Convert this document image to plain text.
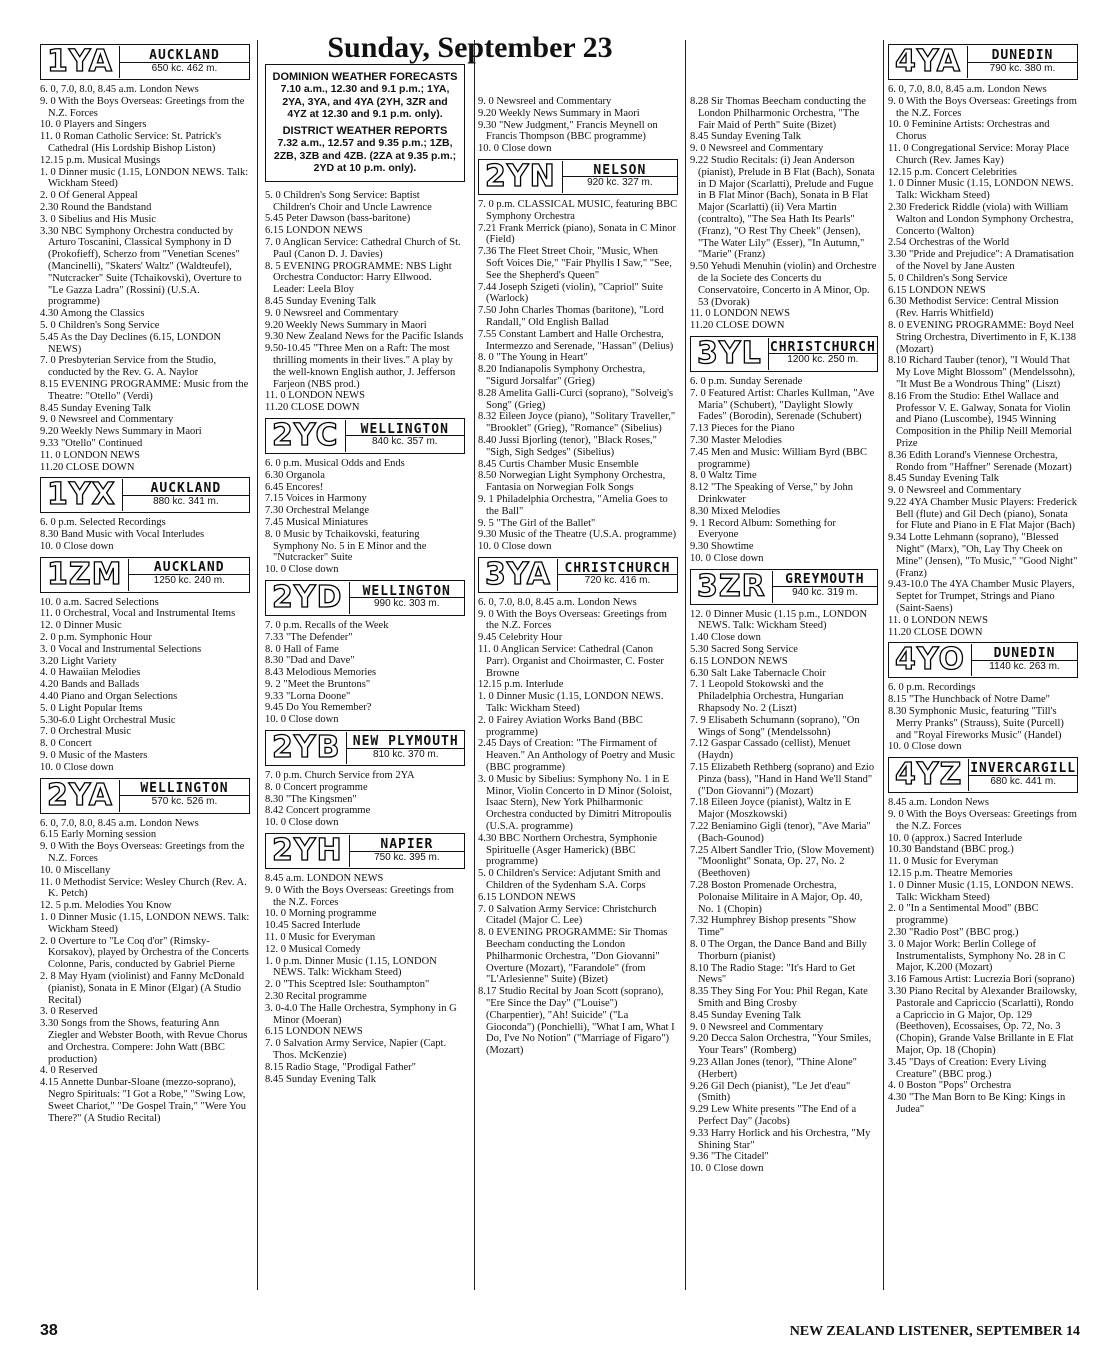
1YA	AUCKLAND
650 kc. 462 m.

6. 0, 7.0, 8.0, 8.45 a.m. London News

9. 0 With the Boys Overseas: Greetings from the N.Z. Forces

10. 0 Players and Singers

11. 0 Roman Catholic Service: St. Patrick's Cathedral (His Lordship Bishop Liston)

12.15 p.m. Musical Musings

1. 0 Dinner music (1.15, LONDON NEWS. Talk: Wickham Steed)

2. 0 Of General Appeal

2.30 Round the Bandstand

3. 0 Sibelius and His Music

3.30 NBC Symphony Orchestra conducted by Arturo Toscanini, Classical Symphony in D (Prokofieff), Scherzo from "Venetian Scenes" (Mancinelli), "Skaters' Waltz" (Waldteufel), "Nutcracker" Suite (Tchaikovski), Overture to "Le Gazza Ladra" (Rossini) (U.S.A. programme)

4.30 Among the Classics

5. 0 Children's Song Service

5.45 As the Day Declines (6.15, LONDON NEWS)

7. 0 Presbyterian Service from the Studio, conducted by the Rev. G. A. Naylor

8.15 EVENING PROGRAMME: Music from the Theatre: "Otello" (Verdi)

8.45 Sunday Evening Talk

9. 0 Newsreel and Commentary

9.20 Weekly News Summary in Maori

9.33 "Otello" Continued

11. 0 LONDON NEWS

11.20 CLOSE DOWN

1YX	AUCKLAND
880 kc. 341 m.

6. 0 p.m. Selected Recordings

8.30 Band Music with Vocal Interludes

10. 0 Close down

1ZM	AUCKLAND
1250 kc. 240 m.

10. 0 a.m. Sacred Selections

11. 0 Orchestral, Vocal and Instrumental Items

12. 0 Dinner Music

2. 0 p.m. Symphonic Hour

3. 0 Vocal and Instrumental Selections

3.20 Light Variety

4. 0 Hawaiian Melodies

4.20 Bands and Ballads

4.40 Piano and Organ Selections

5. 0 Light Popular Items

5.30-6.0 Light Orchestral Music

7. 0 Orchestral Music

8. 0 Concert

9. 0 Music of the Masters

10. 0 Close down

2YA	WELLINGTON
570 kc. 526 m.

6. 0, 7.0, 8.0, 8.45 a.m. London News

6.15 Early Morning session

9. 0 With the Boys Overseas: Greetings from the N.Z. Forces

10. 0 Miscellany

11. 0 Methodist Service: Wesley Church (Rev. A. K. Petch)

12. 5 p.m. Melodies You Know

1. 0 Dinner Music (1.15, LONDON NEWS. Talk: Wickham Steed)

2. 0 Overture to "Le Coq d'or" (Rimsky-Korsakov), played by Orchestra of the Concerts Colonne, Paris, conducted by Gabriel Pierne

2. 8 May Hyam (violinist) and Fanny McDonald (pianist), Sonata in E Minor (Elgar) (A Studio Recital)

3. 0 Reserved

3.30 Songs from the Shows, featuring Ann Ziegler and Webster Booth, with Revue Chorus and Orchestra. Compere: John Watt (BBC production)

4. 0 Reserved

4.15 Annette Dunbar-Sloane (mezzo-soprano), Negro Spirituals: "I Got a Robe," "Swing Low, Sweet Chariot," "De Gospel Train," "Were You There?" (A Studio Recital)

Sunday, September 23
DOMINION WEATHER FORECASTS
7.10 a.m., 12.30 and 9.1 p.m.; 1YA, 2YA, 3YA, and 4YA (2YH, 3ZR and 4YZ at 12.30 and 9.1 p.m. only).
DISTRICT WEATHER REPORTS
7.32 a.m., 12.57 and 9.35 p.m.; 1ZB, 2ZB, 3ZB and 4ZB. (2ZA at 9.35 p.m.; 2YD at 10 p.m. only).

5. 0 Children's Song Service: Baptist Children's Choir and Uncle Lawrence

5.45 Peter Dawson (bass-baritone)

6.15 LONDON NEWS

7. 0 Anglican Service: Cathedral Church of St. Paul (Canon D. J. Davies)

8. 5 EVENING PROGRAMME: NBS Light Orchestra Conductor: Harry Ellwood. Leader: Leela Bloy

8.45 Sunday Evening Talk

9. 0 Newsreel and Commentary

9.20 Weekly News Summary in Maori

9.30 New Zealand News for the Pacific Islands

9.50-10.45 "Three Men on a Raft: The most thrilling moments in their lives." A play by the well-known English author, J. Jefferson Farjeon (NBS prod.)

11. 0 LONDON NEWS

11.20 CLOSE DOWN

2YC	WELLINGTON
840 kc. 357 m.

6. 0 p.m. Musical Odds and Ends

6.30 Organola

6.45 Encores!

7.15 Voices in Harmony

7.30 Orchestral Melange

7.45 Musical Miniatures

8. 0 Music by Tchaikovski, featuring Symphony No. 5 in E Minor and the "Nutcracker" Suite

10. 0 Close down

2YD	WELLINGTON
990 kc. 303 m.

7. 0 p.m. Recalls of the Week

7.33 "The Defender"

8. 0 Hall of Fame

8.30 "Dad and Dave"

8.43 Melodious Memories

9. 2 "Meet the Bruntons"

9.33 "Lorna Doone"

9.45 Do You Remember?

10. 0 Close down

2YB NEW PLYMOUTH
810 kc. 370 m.

7. 0 p.m. Church Service from 2YA

8. 0 Concert programme

8.30 "The Kingsmen"

8.42 Concert programme

10. 0 Close down

2YH	NAPIER
750 kc. 395 m.

8.45 a.m. LONDON NEWS

9. 0 With the Boys Overseas: Greetings from the N.Z. Forces

10. 0 Morning programme

10.45 Sacred Interlude

11. 0 Music for Everyman

12. 0 Musical Comedy

1. 0 p.m. Dinner Music (1.15, LONDON NEWS. Talk: Wickham Steed)

2. 0 "This Sceptred Isle: Southampton"

2.30 Recital programme

3. 0-4.0 The Halle Orchestra, Symphony in G Minor (Moeran)

6.15 LONDON NEWS

7. 0 Salvation Army Service, Napier (Capt. Thos. McKenzie)

8.15 Radio Stage, "Prodigal Father"

8.45 Sunday Evening Talk

9. 0 Newsreel and Commentary

9.20 Weekly News Summary in Maori

9.30 "New Judgment," Francis Meynell on Francis Thompson (BBC programme)

10. 0 Close down

2YN	NELSON
920 kc. 327 m.

7. 0 p.m. CLASSICAL MUSIC, featuring BBC Symphony Orchestra

7.21 Frank Merrick (piano), Sonata in C Minor (Field)

7.36 The Fleet Street Choir, "Music, When Soft Voices Die," "Fair Phyllis I Saw," "See, See the Shepherd's Queen"

7.44 Joseph Szigeti (violin), "Capriol" Suite (Warlock)

7.50 John Charles Thomas (baritone), "Lord Randall," Old English Ballad

7.55 Constant Lambert and Halle Orchestra, Intermezzo and Serenade, "Hassan" (Delius)

8. 0 "The Young in Heart"

8.20 Indianapolis Symphony Orchestra, "Sigurd Jorsalfar" (Grieg)

8.28 Amelita Galli-Curci (soprano), "Solveig's Song" (Grieg)

8.32 Eileen Joyce (piano), "Solitary Traveller," "Brooklet" (Grieg), "Romance" (Sibelius)

8.40 Jussi Bjorling (tenor), "Black Roses," "Sigh, Sigh Sedges" (Sibelius)

8.45 Curtis Chamber Music Ensemble

8.50 Norwegian Light Symphony Orchestra, Fantasia on Norwegian Folk Songs

9. 1 Philadelphia Orchestra, "Amelia Goes to the Ball"

9. 5 "The Girl of the Ballet"

9.30 Music of the Theatre (U.S.A. programme)

10. 0 Close down

3YA	CHRISTCHURCH
720 kc. 416 m.

6. 0, 7.0, 8.0, 8.45 a.m. London News

9. 0 With the Boys Overseas: Greetings from the N.Z. Forces

9.45 Celebrity Hour

11. 0 Anglican Service: Cathedral (Canon Parr). Organist and Choirmaster, C. Foster Browne

12.15 p.m. Interlude

1. 0 Dinner Music (1.15, LONDON NEWS. Talk: Wickham Steed)

2. 0 Fairey Aviation Works Band (BBC programme)

2.45 Days of Creation: "The Firmament of Heaven." An Anthology of Poetry and Music (BBC programme)

3. 0 Music by Sibelius: Symphony No. 1 in E Minor, Violin Concerto in D Minor (Soloist, Isaac Stern), New York Philharmonic Orchestra conducted by Dimitri Mitropoulis (U.S.A. programme)

4.30 BBC Northern Orchestra, Symphonie Spirituelle (Asger Hamerick) (BBC programme)

5. 0 Children's Service: Adjutant Smith and Children of the Sydenham S.A. Corps

6.15 LONDON NEWS

7. 0 Salvation Army Service: Christchurch Citadel (Major C. Lee)

8. 0 EVENING PROGRAMME: Sir Thomas Beecham conducting the London Philharmonic Orchestra, "Don Giovanni" Overture (Mozart), "Farandole" (from "L'Arlesienne" Suite) (Bizet)

8.17 Studio Recital by Joan Scott (soprano), "Ere Since the Day" ("Louise") (Charpentier), "Ah! Suicide" ("La Gioconda") (Ponchielli), "What I am, What I Do, I've No Notion" ("Marriage of Figaro") (Mozart)

8.28 Sir Thomas Beecham conducting the London Philharmonic Orchestra, "The Fair Maid of Perth" Suite (Bizet)

8.45 Sunday Evening Talk

9. 0 Newsreel and Commentary

9.22 Studio Recitals: (i) Jean Anderson (pianist), Prelude in B Flat (Bach), Sonata in D Major (Scarlatti), Prelude and Fugue in B Flat Minor (Bach), Sonata in B Flat Major (Scarlatti) (ii) Vera Martin (contralto), "The Sea Hath Its Pearls" (Franz), "O Rest Thy Cheek" (Jensen), "The Water Lily" (Esser), "In Autumn," "Marie" (Franz)

9.50 Yehudi Menuhin (violin) and Orchestre de la Societe des Concerts du Conservatoire, Concerto in A Minor, Op. 53 (Dvorak)

11. 0 LONDON NEWS

11.20 CLOSE DOWN

3YL CHRISTCHURCH
1200 kc. 250 m.

6. 0 p.m. Sunday Serenade

7. 0 Featured Artist: Charles Kullman, "Ave Maria" (Schubert), "Daylight Slowly Fades" (Borodin), Serenade (Schubert)

7.13 Pieces for the Piano

7.30 Master Melodies

7.45 Men and Music: William Byrd (BBC programme)

8. 0 Waltz Time

8.12 "The Speaking of Verse," by John Drinkwater

8.30 Mixed Melodies

9. 1 Record Album: Something for Everyone

9.30 Showtime

10. 0 Close down

3ZR	GREYMOUTH
940 kc. 319 m.

12. 0 Dinner Music (1.15 p.m., LONDON NEWS. Talk: Wickham Steed)

1.40 Close down

5.30 Sacred Song Service

6.15 LONDON NEWS

6.30 Salt Lake Tabernacle Choir

7. 1 Leopold Stokowski and the Philadelphia Orchestra, Hungarian Rhapsody No. 2 (Liszt)

7. 9 Elisabeth Schumann (soprano), "On Wings of Song" (Mendelssohn)

7.12 Gaspar Cassado (cellist), Menuet (Haydn)

7.15 Elizabeth Rethberg (soprano) and Ezio Pinza (bass), "Hand in Hand We'll Stand" ("Don Giovanni") (Mozart)

7.18 Eileen Joyce (pianist), Waltz in E Major (Moszkowski)

7.22 Beniamino Gigli (tenor), "Ave Maria" (Bach-Gounod)

7.25 Albert Sandler Trio, (Slow Movement) "Moonlight" Sonata, Op. 27, No. 2 (Beethoven)

7.28 Boston Promenade Orchestra, Polonaise Militaire in A Major, Op. 40, No. 1 (Chopin)

7.32 Humphrey Bishop presents "Show Time"

8. 0 The Organ, the Dance Band and Billy Thorburn (pianist)

8.10 The Radio Stage: "It's Hard to Get News"

8.35 They Sing For You: Phil Regan, Kate Smith and Bing Crosby

8.45 Sunday Evening Talk

9. 0 Newsreel and Commentary

9.20 Decca Salon Orchestra, "Your Smiles, Your Tears" (Romberg)

9.23 Allan Jones (tenor), "Thine Alone" (Herbert)

9.26 Gil Dech (pianist), "Le Jet d'eau" (Smith)

9.29 Lew White presents "The End of a Perfect Day" (Jacobs)

9.33 Harry Horlick and his Orchestra, "My Shining Star"

9.36 "The Citadel"

10. 0 Close down

4YA	DUNEDIN
790 kc. 380 m.

6. 0, 7.0, 8.0, 8.45 a.m. London News

9. 0 With the Boys Overseas: Greetings from the N.Z. Forces

10. 0 Feminine Artists: Orchestras and Chorus

11. 0 Congregational Service: Moray Place Church (Rev. James Kay)

12.15 p.m. Concert Celebrities

1. 0 Dinner Music (1.15, LONDON NEWS. Talk: Wickham Steed)

2.30 Frederick Riddle (viola) with William Walton and London Symphony Orchestra, Concerto (Walton)

2.54 Orchestras of the World

3.30 "Pride and Prejudice": A Dramatisation of the Novel by Jane Austen

5. 0 Children's Song Service

6.15 LONDON NEWS

6.30 Methodist Service: Central Mission (Rev. Harris Whitfield)

8. 0 EVENING PROGRAMME: Boyd Neel String Orchestra, Divertimento in F, K.138 (Mozart)

8.10 Richard Tauber (tenor), "I Would That My Love Might Blossom" (Mendelssohn), "It Must Be a Wondrous Thing" (Liszt)

8.16 From the Studio: Ethel Wallace and Professor V. E. Galway, Sonata for Violin and Piano (Luscombe), 1945 Winning Composition in the Philip Neill Memorial Prize

8.36 Edith Lorand's Viennese Orchestra, Rondo from "Haffner" Serenade (Mozart)

8.45 Sunday Evening Talk

9. 0 Newsreel and Commentary

9.22 4YA Chamber Music Players: Frederick Bell (flute) and Gil Dech (piano), Sonata for Flute and Piano in E Flat Major (Bach)

9.34 Lotte Lehmann (soprano), "Blessed Night" (Marx), "Oh, Lay Thy Cheek on Mine" (Jensen), "To Music," "Good Night" (Franz)

9.43-10.0 The 4YA Chamber Music Players, Septet for Trumpet, Strings and Piano (Saint-Saens)

11. 0 LONDON NEWS

11.20 CLOSE DOWN

4YO	DUNEDIN
1140 kc. 263 m.

6. 0 p.m. Recordings

8.15 "The Hunchback of Notre Dame"

8.30 Symphonic Music, featuring "Till's Merry Pranks" (Strauss), Suite (Purcell) and "Royal Fireworks Music" (Handel)

10. 0 Close down

4YZ INVERCARGILL
680 kc. 441 m.

8.45 a.m. London News

9. 0 With the Boys Overseas: Greetings from the N.Z. Forces

10. 0 (approx.) Sacred Interlude

10.30 Bandstand (BBC prog.)

11. 0 Music for Everyman

12.15 p.m. Theatre Memories

1. 0 Dinner Music (1.15, LONDON NEWS. Talk: Wickham Steed)

2. 0 "In a Sentimental Mood" (BBC programme)

2.30 "Radio Post" (BBC prog.)

3. 0 Major Work: Berlin College of Instrumentalists, Symphony No. 28 in C Major, K.200 (Mozart)

3.16 Famous Artist: Lucrezia Bori (soprano)

3.30 Piano Recital by Alexander Brailowsky, Pastorale and Capriccio (Scarlatti), Rondo a Capriccio in G Major, Op. 129 (Beethoven), Ecossaises, Op. 72, No. 3 (Chopin), Grande Valse Brillante in E Flat Major, Op. 18 (Chopin)

3.45 "Days of Creation: Every Living Creature" (BBC prog.)

4. 0 Boston "Pops" Orchestra

4.30 "The Man Born to Be King: Kings in Judea"

38	NEW ZEALAND LISTENER, SEPTEMBER 14
